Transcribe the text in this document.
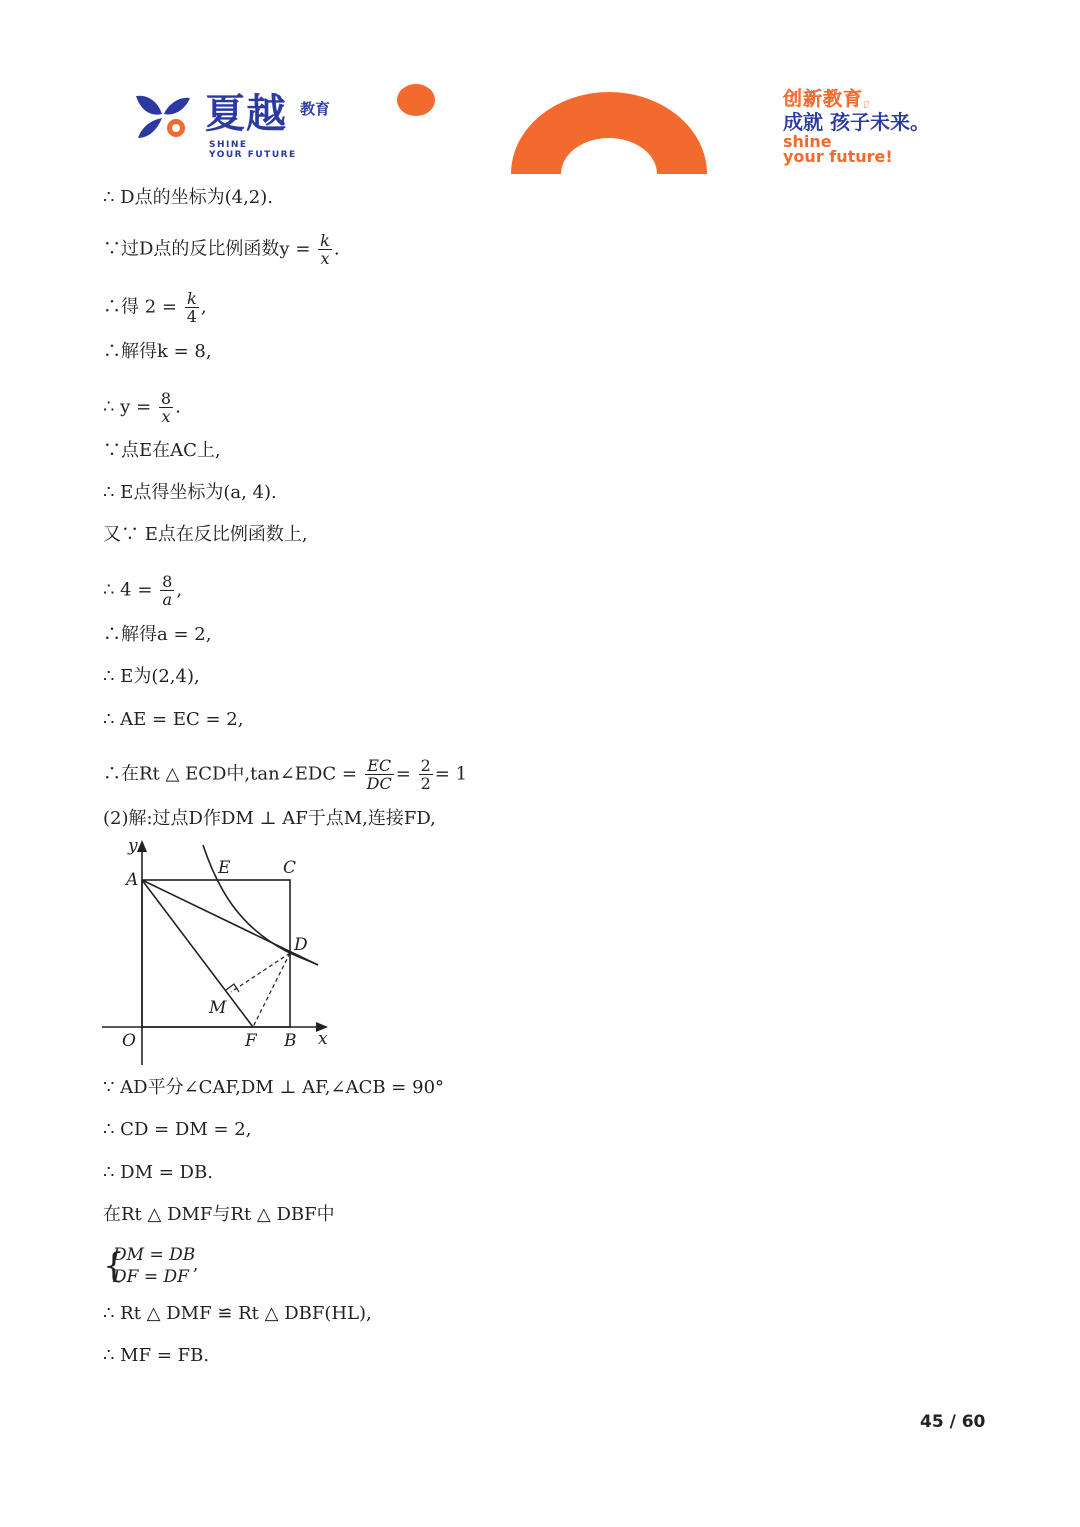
夏越 教育
SHINE
YOUR FUTURE
创新教育,
成就 孩子未来。
shine
your future!
∴ D点的坐标为(4,2).
∵过D点的反比例函数$y = \frac{k}{x}$ .
∴得 $2 = \frac{k}{4}$ ,
∴解得k = 8,
∴ $y = \frac{8}{x}$ .
∵点E在AC上,
∴ E点得坐标为(a, 4).
又∵ E点在反比例函数上,
∴ $4 = \frac{8}{a}$ ,
∴解得a = 2,
∴ E为(2,4),
∴ AE = EC = 2,
∴在Rt △ ECD中,tan∠EDC = $\frac{EC}{DC} = \frac{2}{2} = 1$
(2)解:过点D作DM ⊥ AF于点M,连接FD,
∵ AD平分∠CAF,DM ⊥ AF,∠ACB = 90°
∴ CD = DM = 2,
∴ DM = DB.
在Rt △ DMF与Rt △ DBF中
{
DM = DB
DF = DF
,
∴ Rt △ DMF ≌ Rt △ DBF(HL),
∴ MF = FB.
y
A
E	C
D
M
O	F B x
45 / 60
